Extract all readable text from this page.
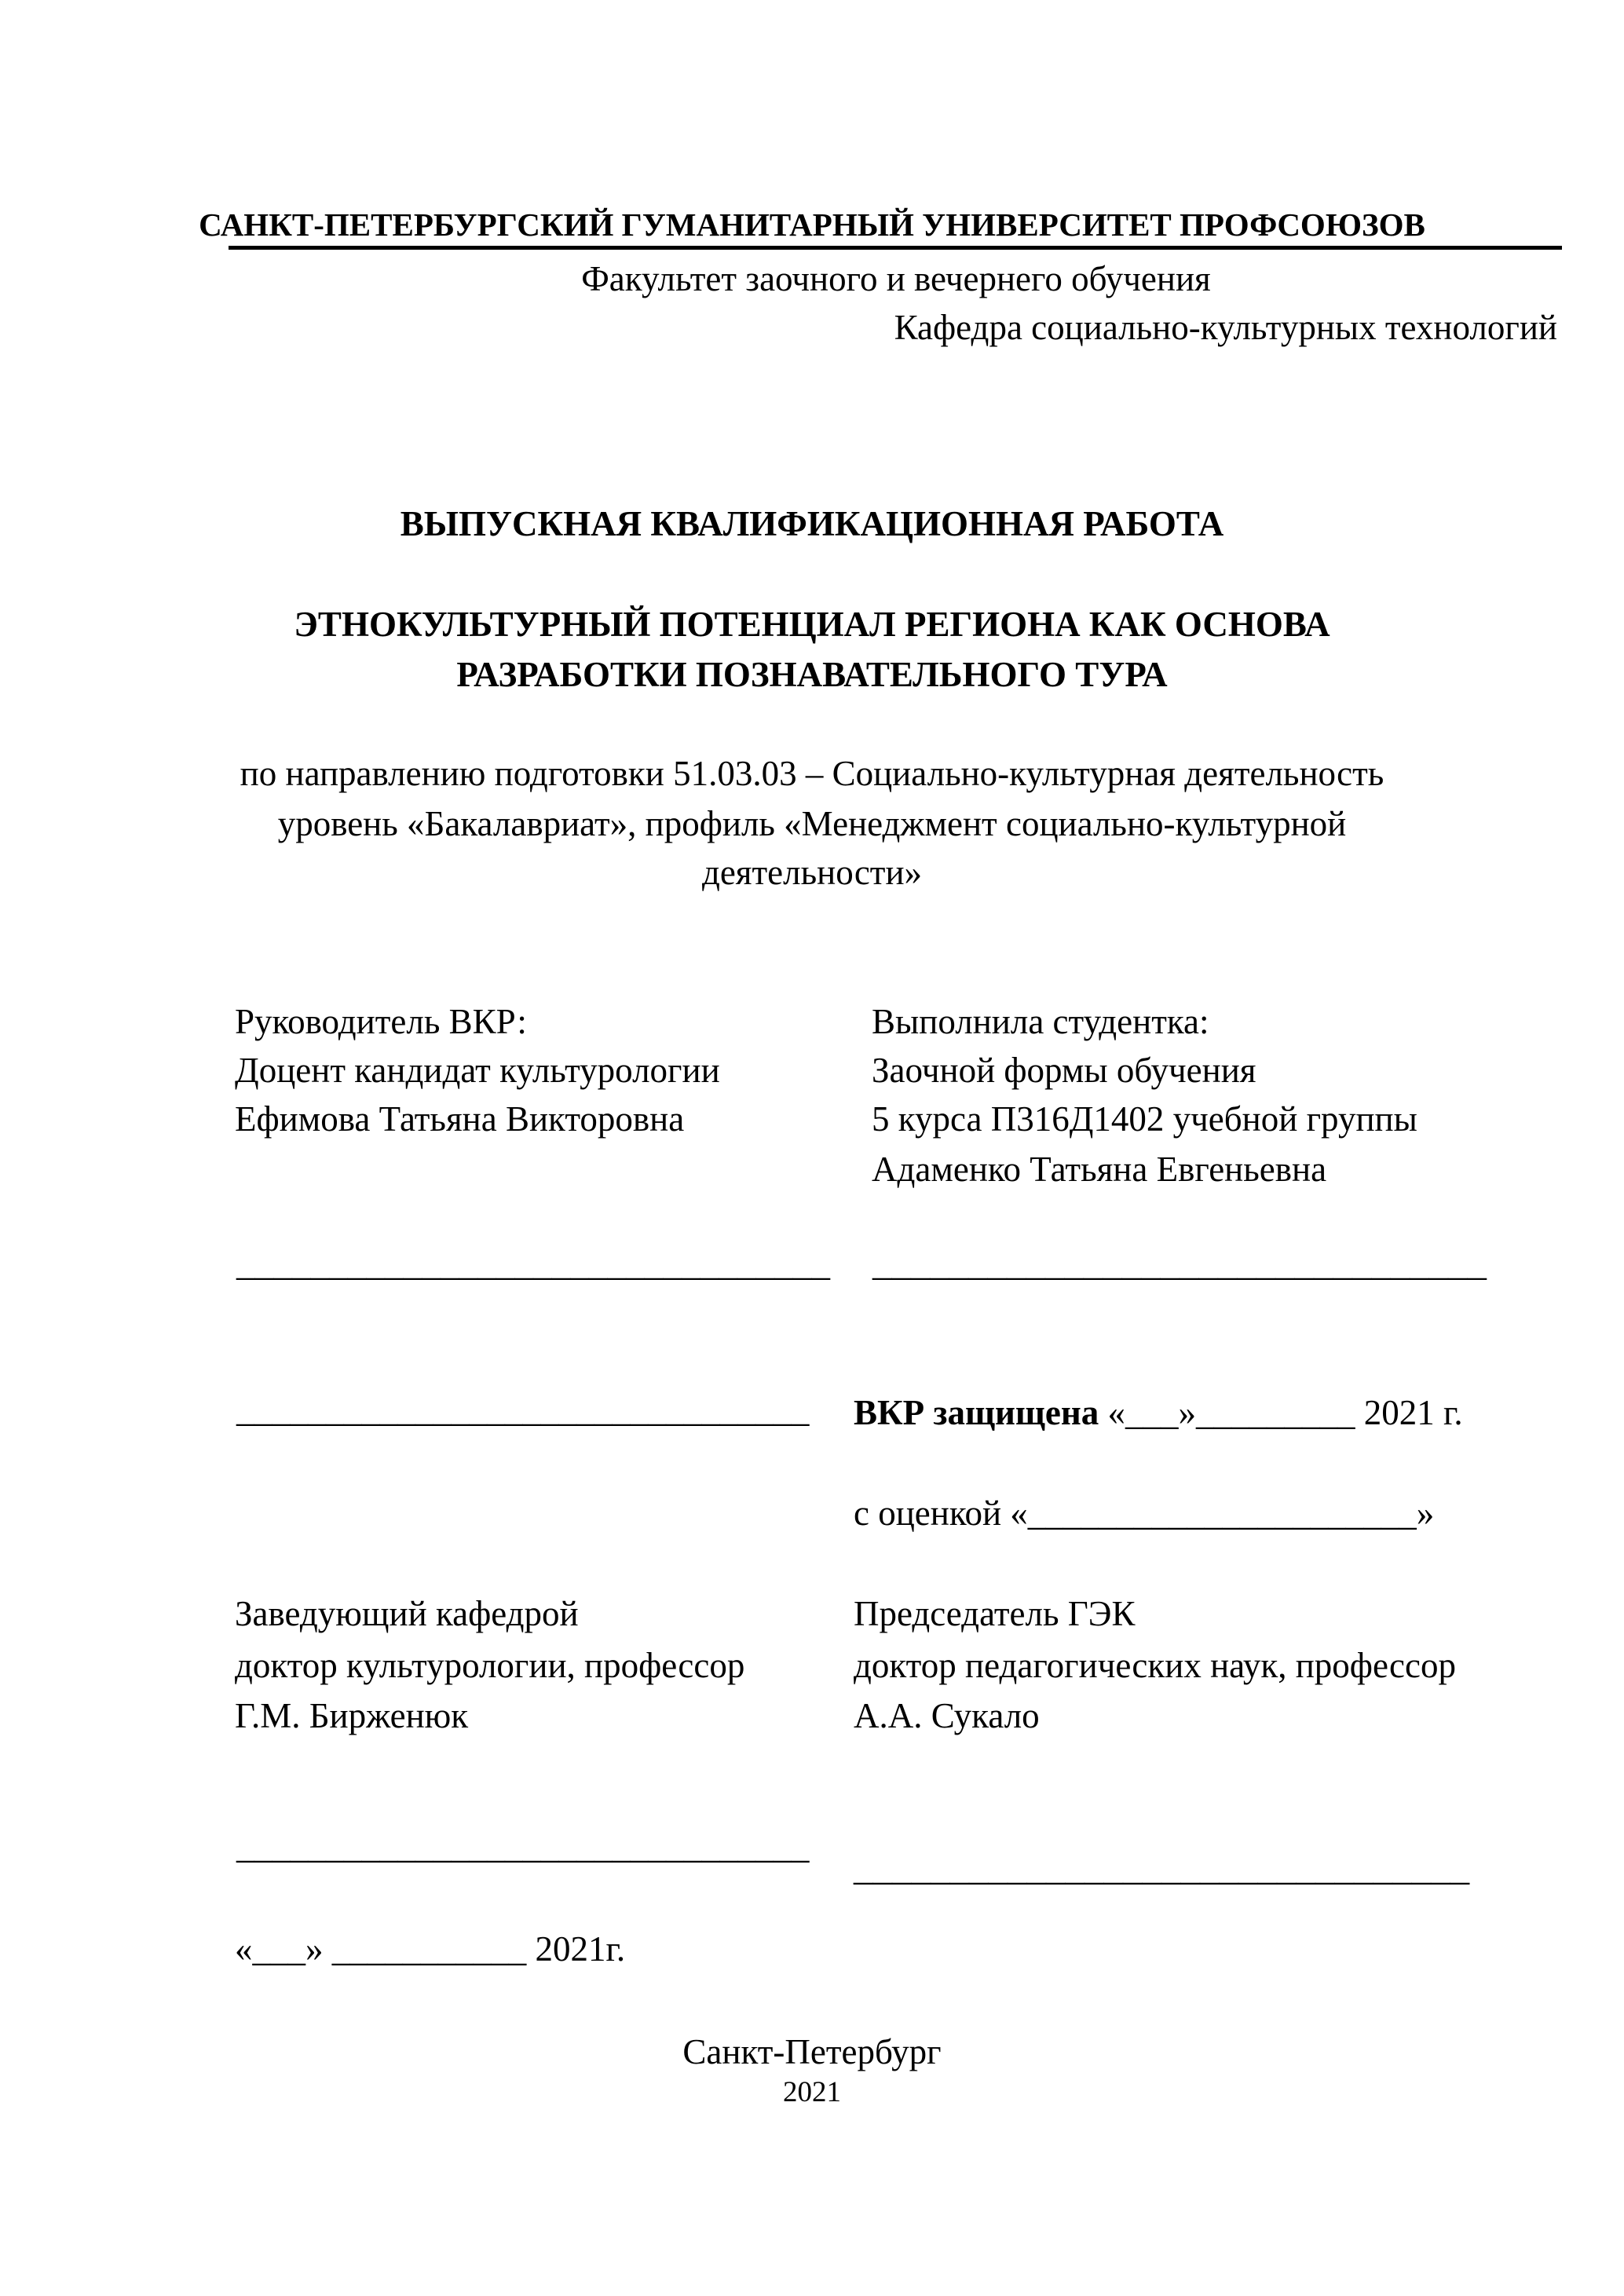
САНКТ-ПЕТЕРБУРГСКИЙ ГУМАНИТАРНЫЙ УНИВЕРСИТЕТ ПРОФСОЮЗОВ
Факультет заочного и вечернего обучения
Кафедра социально-культурных технологий
ВЫПУСКНАЯ КВАЛИФИКАЦИОННАЯ РАБОТА
ЭТНОКУЛЬТУРНЫЙ ПОТЕНЦИАЛ РЕГИОНА КАК ОСНОВА
РАЗРАБОТКИ ПОЗНАВАТЕЛЬНОГО ТУРА
по направлению подготовки 51.03.03 – Социально-культурная деятельность
уровень «Бакалавриат», профиль «Менеджмент социально-культурной
деятельности»
Руководитель ВКР:
Доцент кандидат культурологии
Ефимова Татьяна Викторовна
Выполнила студентка:
Заочной формы обучения
5 курса П316Д1402 учебной группы
Адаменко Татьяна Евгеньевна
________________________________ ________________________________
________________________________ ВКР защищена «___»_________ 2021 г.
с оценкой «______________________»
Заведующий кафедрой
доктор культурологии, профессор
Г.М. Бирженюк
Председатель ГЭК
доктор педагогических наук, профессор
А.А. Сукало
________________________________
________________________________
«___» ___________ 2021г.
Санкт-Петербург
2021
